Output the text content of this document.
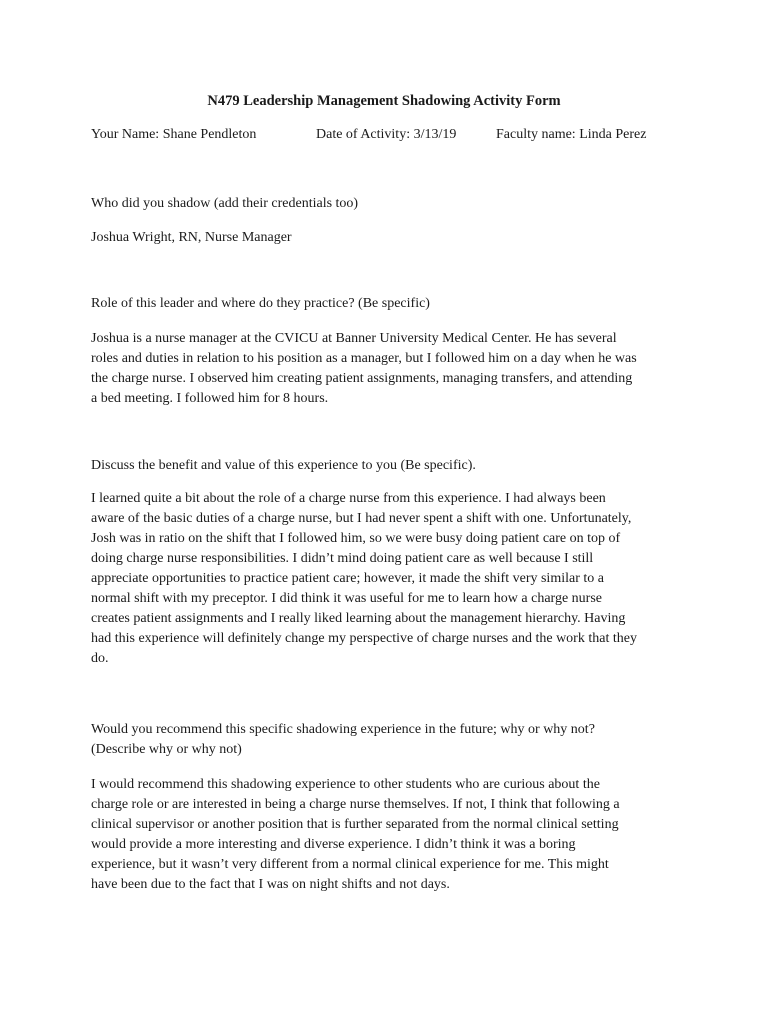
N479 Leadership Management Shadowing Activity Form
Your Name: Shane Pendleton	Date of Activity: 3/13/19	Faculty name: Linda Perez
Who did you shadow (add their credentials too)
Joshua Wright, RN, Nurse Manager
Role of this leader and where do they practice? (Be specific)
Joshua is a nurse manager at the CVICU at Banner University Medical Center. He has several
roles and duties in relation to his position as a manager, but I followed him on a day when he was
the charge nurse. I observed him creating patient assignments, managing transfers, and attending
a bed meeting. I followed him for 8 hours.
Discuss the benefit and value of this experience to you (Be specific).
I learned quite a bit about the role of a charge nurse from this experience. I had always been
aware of the basic duties of a charge nurse, but I had never spent a shift with one. Unfortunately,
Josh was in ratio on the shift that I followed him, so we were busy doing patient care on top of
doing charge nurse responsibilities. I didn’t mind doing patient care as well because I still
appreciate opportunities to practice patient care; however, it made the shift very similar to a
normal shift with my preceptor. I did think it was useful for me to learn how a charge nurse
creates patient assignments and I really liked learning about the management hierarchy. Having
had this experience will definitely change my perspective of charge nurses and the work that they
do.
Would you recommend this specific shadowing experience in the future; why or why not?
(Describe why or why not)
I would recommend this shadowing experience to other students who are curious about the
charge role or are interested in being a charge nurse themselves. If not, I think that following a
clinical supervisor or another position that is further separated from the normal clinical setting
would provide a more interesting and diverse experience. I didn’t think it was a boring
experience, but it wasn’t very different from a normal clinical experience for me. This might
have been due to the fact that I was on night shifts and not days.
